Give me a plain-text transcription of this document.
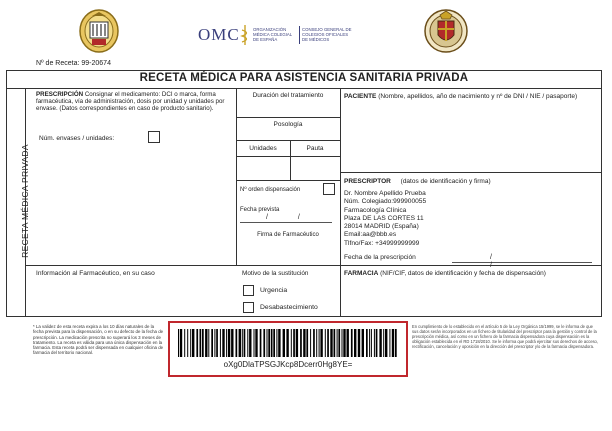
Nº de Receta: 99-20674
OMC	ORGANIZACIÓN MÉDICA COLEGIAL DE ESPAÑA
CONSEJO GENERAL DE COLEGIOS OFICIALES DE MÉDICOS
RECETA MÉDICA PARA ASISTENCIA SANITARIA PRIVADA
RECETA MÉDICA PRIVADA
PRESCRIPCIÓN Consignar el medicamento: DCI o marca, forma farmacéutica, vía de administración, dosis por unidad y unidades por envase. (Datos correspondientes en caso de producto sanitario).
Núm. envases / unidades:
Duración del tratamiento
Posología
Unidades	Pauta
Nº orden dispensación
Fecha prevista
/ /
Firma de Farmacéutico
PACIENTE (Nombre, apellidos, año de nacimiento y nº de DNI / NIE / pasaporte)
PRESCRIPTOR (datos de identificación y firma)
Dr. Nombre Apellido Prueba
Núm. Colegiado:999900055
Farmacología Clínica
Plaza DE LAS CORTES 11
28014 MADRID (España)
Email:aa@bbb.es
Tlfno/Fax: +34999999999
Fecha de la prescripción	/ /
Información al Farmacéutico, en su caso	Motivo de la sustitución
Urgencia
Desabastecimiento
FARMACIA (NIF/CIF, datos de identificación y fecha de dispensación)
* La validez de esta receta expira a los 10 días naturales de la fecha prevista para la dispensación, o en su defecto de la fecha de prescripción. La medicación prescrita no superará los 3 meses de tratamiento. La receta es válida para una única dispensación en la farmacia. Esta receta podrá ser dispensada en cualquier oficina de farmacia del territorio nacional.
oXg0DlaTPSGJKcp8Dcerr0Hg8YE=
En cumplimiento de lo establecido en el artículo 5 de la Ley Orgánica 15/1999, se le informa de que sus datos serán incorporados en un fichero de titularidad del prescriptor para la gestión y control de la prescripción médica, así como en un fichero de la farmacia dispensadora cuya dispensación es la obligación establecida en el RD 1718/2010. Se le informa que podrá ejercitar sus derechos de acceso, rectificación, cancelación y oposición en la dirección del prescriptor y/o de la farmacia dispensadora.
